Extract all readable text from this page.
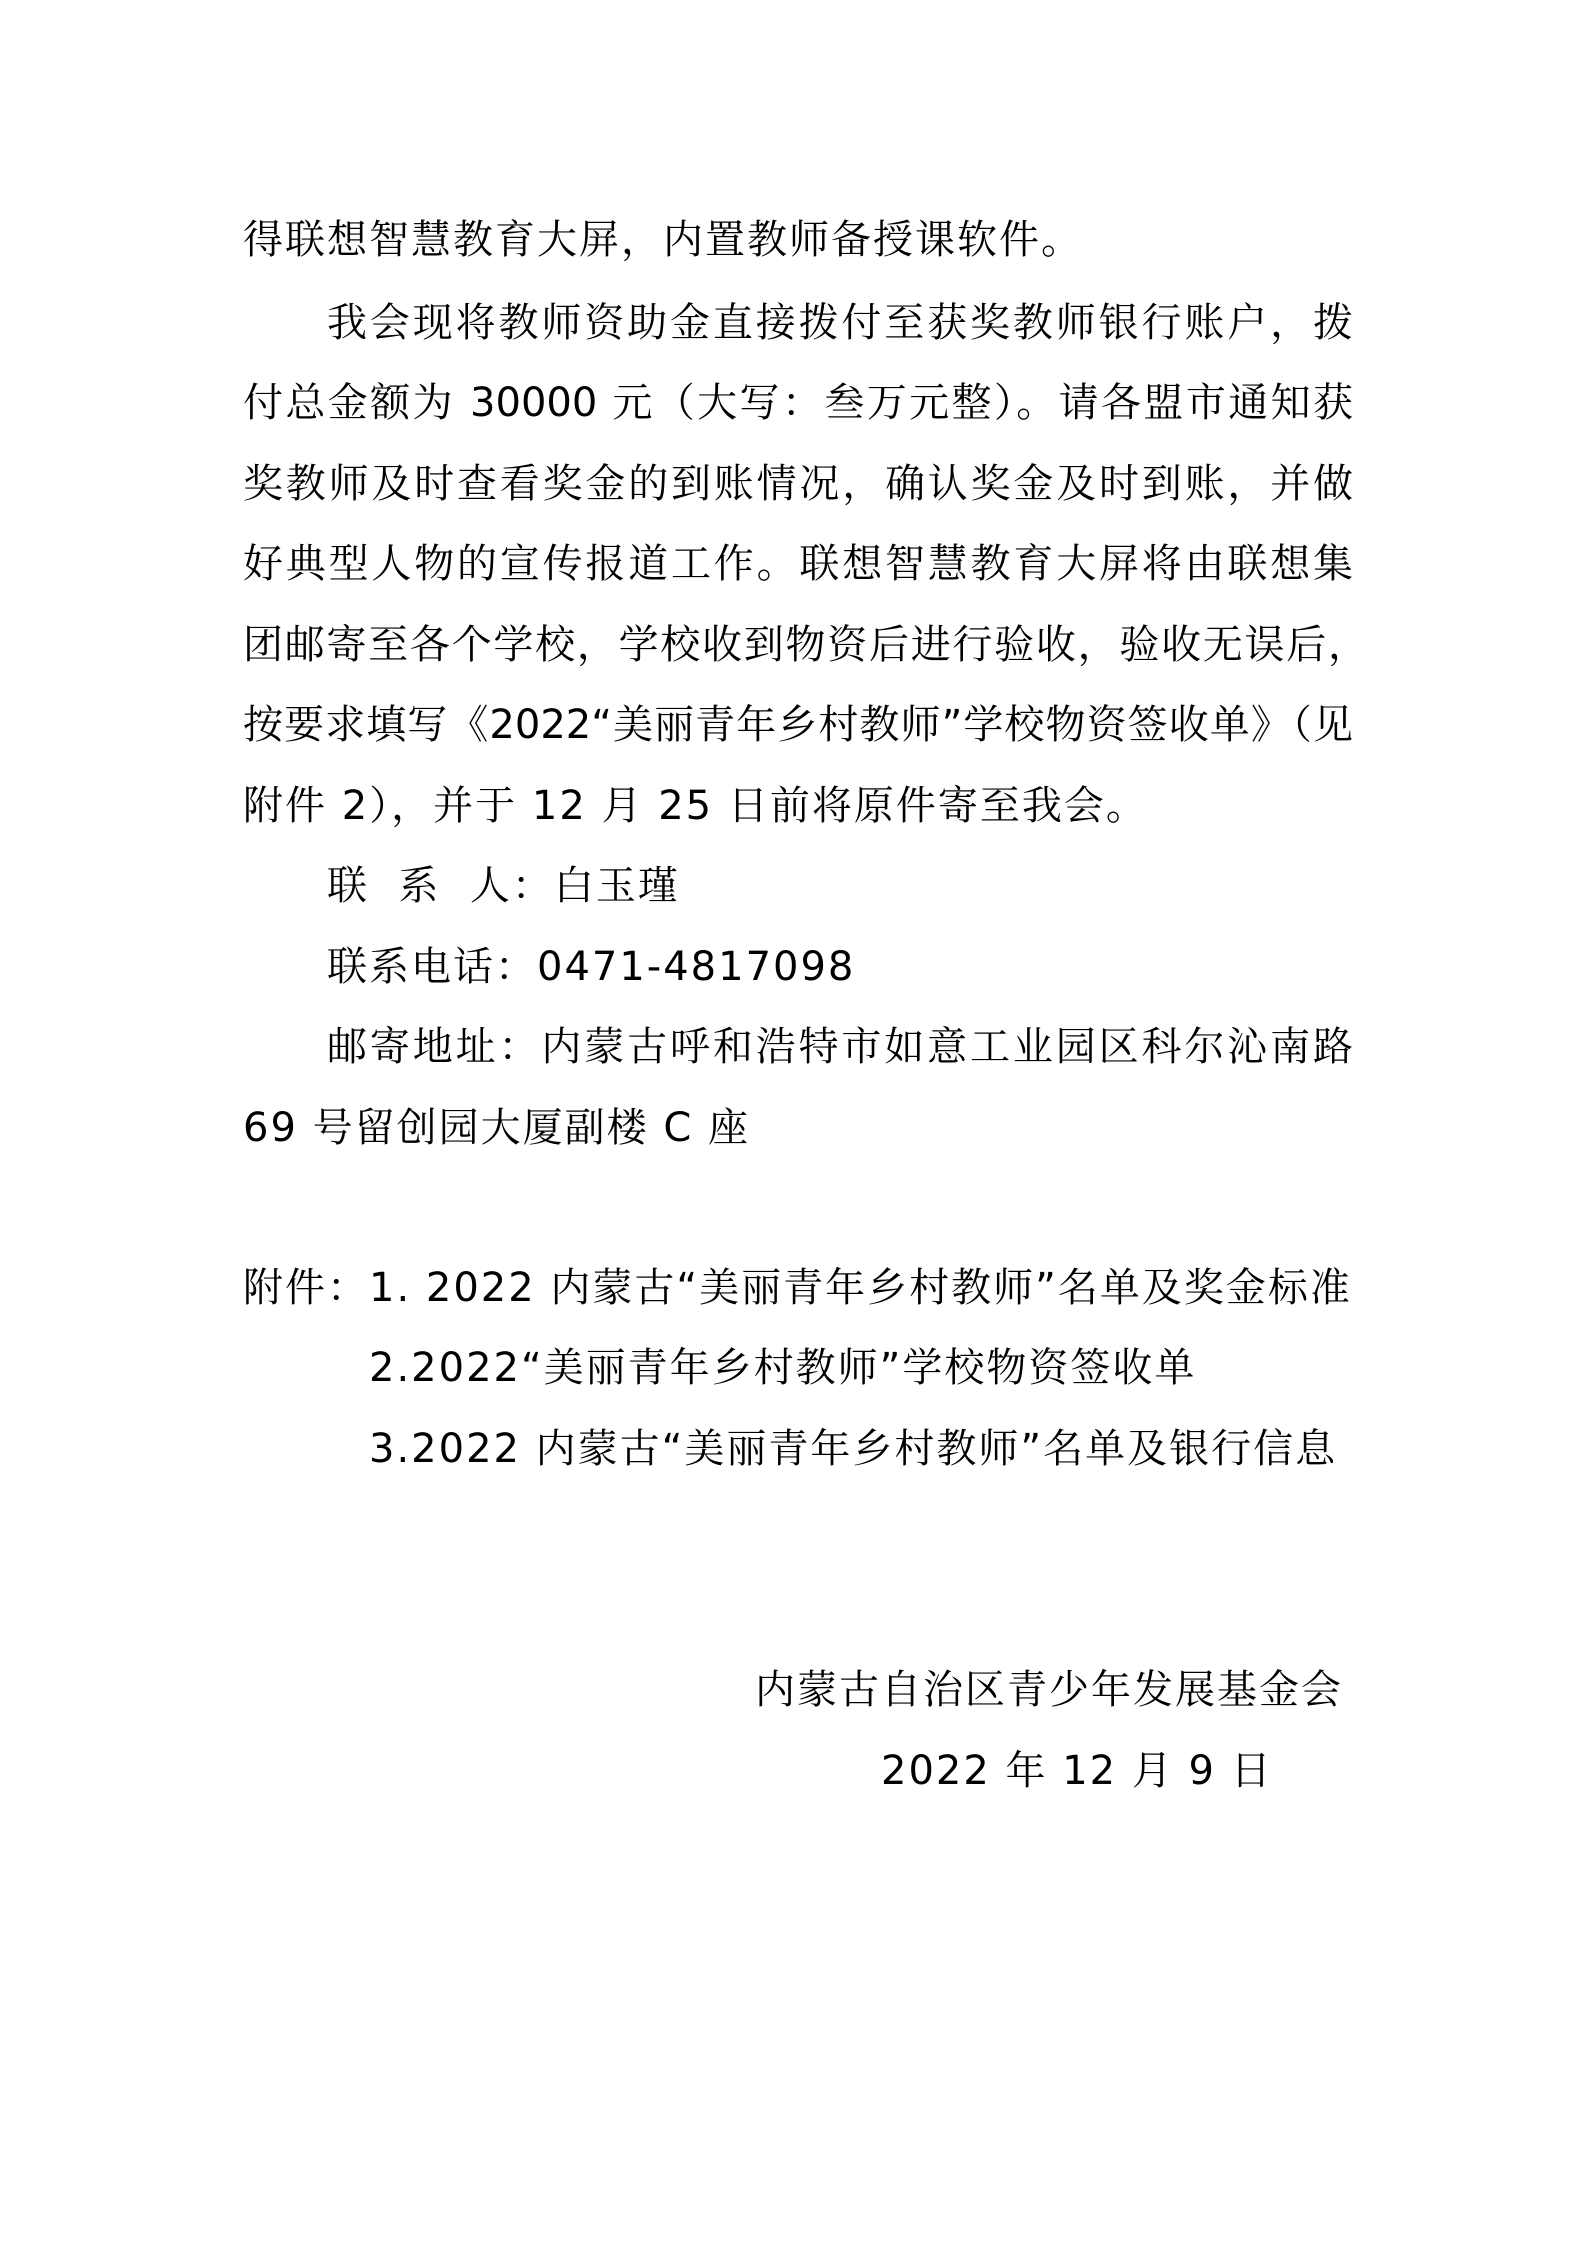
得联想智慧教育大屏，内置教师备授课软件。
我会现将教师资助金直接拨付至获奖教师银行账户，拨
付总金额为 30000 元（大写：叁万元整）。请各盟市通知获
奖教师及时查看奖金的到账情况，确认奖金及时到账，并做
好典型人物的宣传报道工作。联想智慧教育大屏将由联想集
团邮寄至各个学校，学校收到物资后进行验收，验收无误后，
按要求填写《2022“美丽青年乡村教师”学校物资签收单》（见
附件 2），并于 12 月 25 日前将原件寄至我会。
联  系  人：白玉瑾
联系电话：0471-4817098
邮寄地址：内蒙古呼和浩特市如意工业园区科尔沁南路
69 号留创园大厦副楼 C 座
附件：1. 2022 内蒙古“美丽青年乡村教师”名单及奖金标准
2.2022“美丽青年乡村教师”学校物资签收单
3.2022 内蒙古“美丽青年乡村教师”名单及银行信息
内蒙古自治区青少年发展基金会
2022 年 12 月 9 日
